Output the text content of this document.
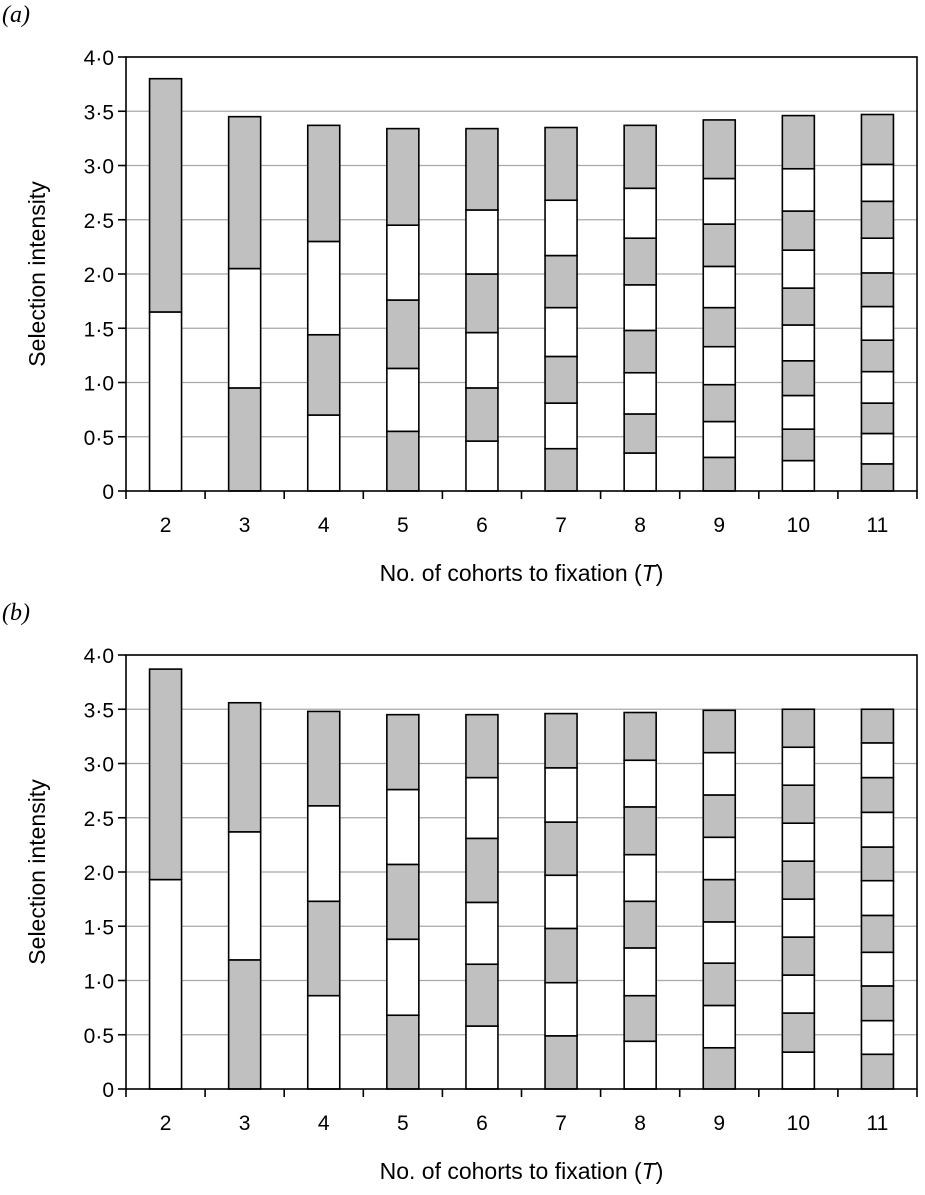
(a)
2	3	4	5	6	7	8	9	10	11
0
0·5
1·0
1·5
2·0
2·5
3·0
3·5
4·0
Selection intensity
No. of cohorts to fixation (T)
(b)
2	3	4	5	6	7	8	9	10	11
0
0·5
1·0
1·5
2·0
2·5
3·0
3·5
4·0
Selection intensity
No. of cohorts to fixation (T)
